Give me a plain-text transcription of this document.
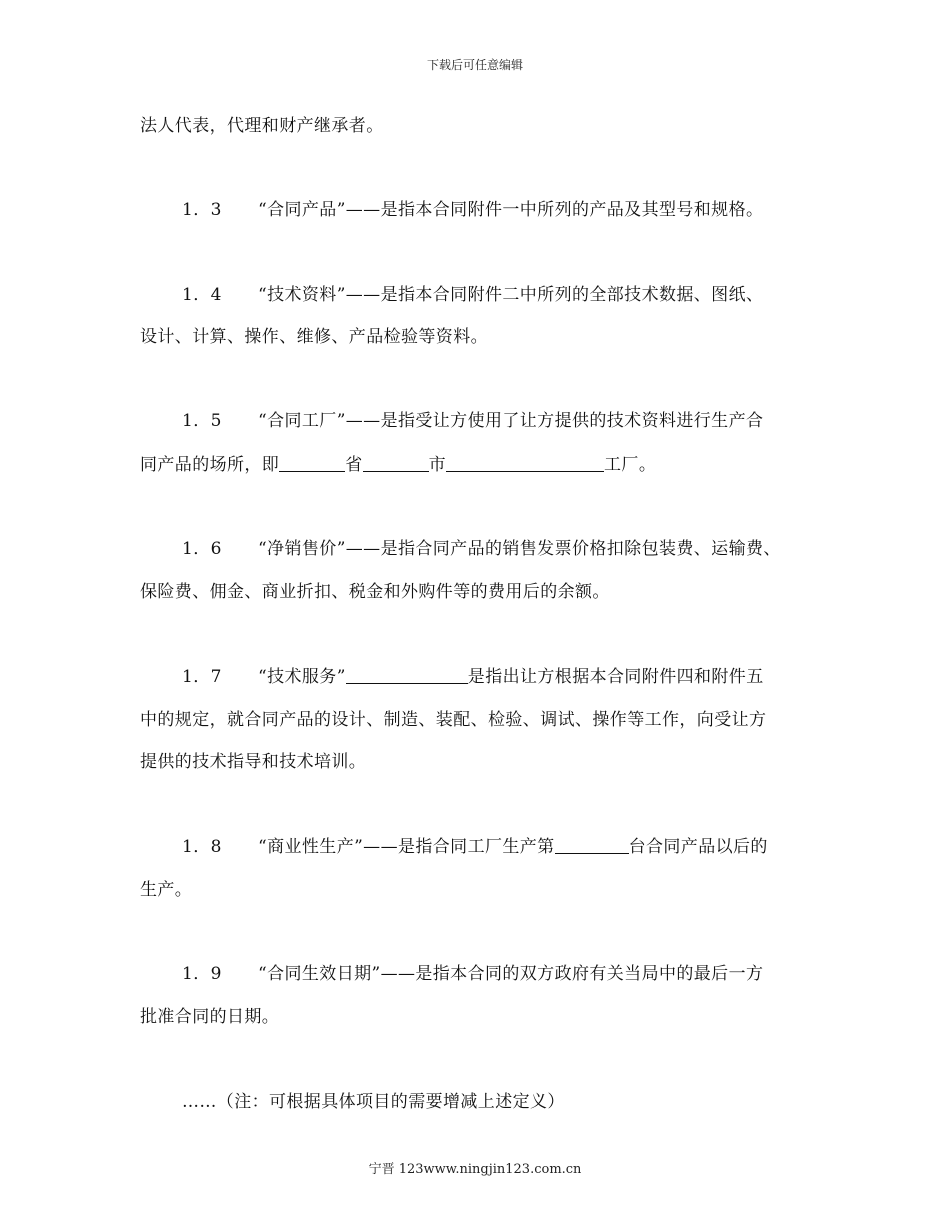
下载后可任意编辑
法人代表，代理和财产继承者。
1．3 “合同产品”——是指本合同附件一中所列的产品及其型号和规格。
1．4 “技术资料”——是指本合同附件二中所列的全部技术数据、图纸、
设计、计算、操作、维修、产品检验等资料。
1．5 “合同工厂”——是指受让方使用了让方提供的技术资料进行生产合
同产品的场所，即	省	市	工厂。
1．6 “净销售价”——是指合同产品的销售发票价格扣除包装费、运输费、
保险费、佣金、商业折扣、税金和外购件等的费用后的余额。
1．7 “技术服务”	是指出让方根据本合同附件四和附件五
中的规定，就合同产品的设计、制造、装配、检验、调试、操作等工作，向受让方
提供的技术指导和技术培训。
1．8 “商业性生产”——是指合同工厂生产第	台合同产品以后的
生产。
1．9 “合同生效日期”——是指本合同的双方政府有关当局中的最后一方
批准合同的日期。
……（注：可根据具体项目的需要增减上述定义）
宁晋 123www.ningjin123.com.cn
